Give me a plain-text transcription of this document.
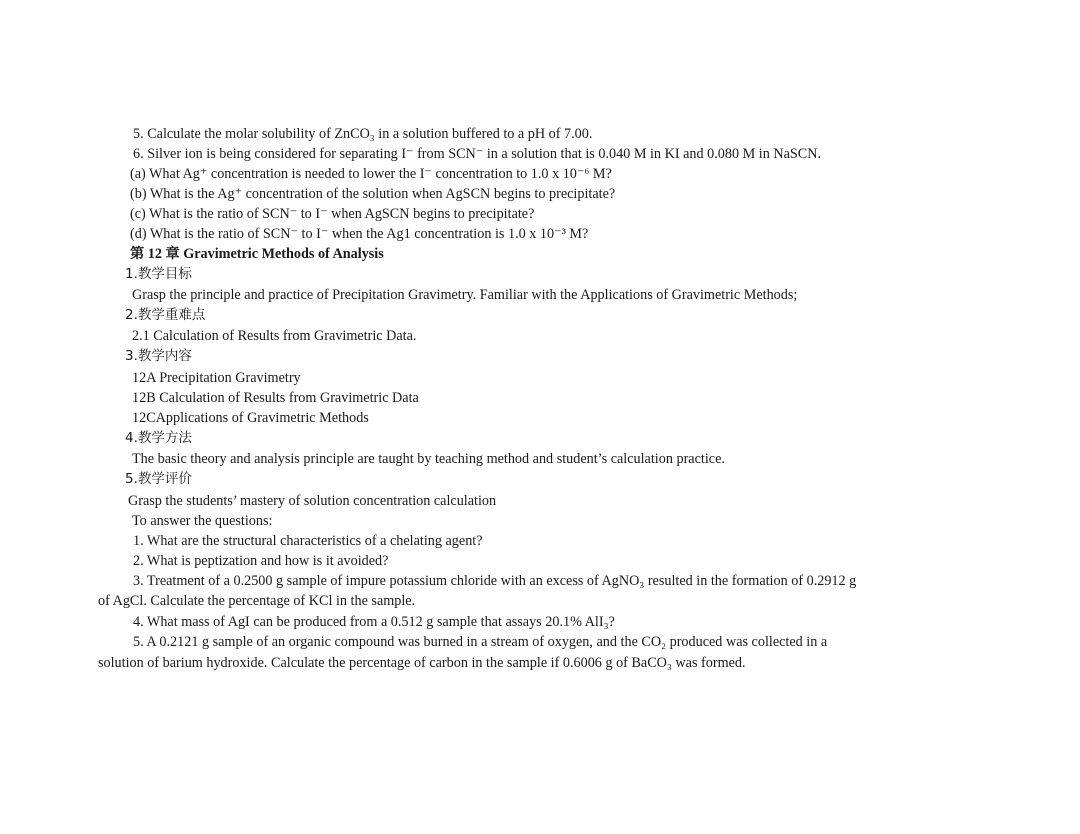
5. Calculate the molar solubility of ZnCO₃ in a solution buffered to a pH of 7.00.
6. Silver ion is being considered for separating I⁻ from SCN⁻ in a solution that is 0.040 M in KI and 0.080 M in NaSCN.
(a) What Ag⁺ concentration is needed to lower the I⁻ concentration to 1.0 x 10⁻⁶ M?
(b) What is the Ag⁺ concentration of the solution when AgSCN begins to precipitate?
(c) What is the ratio of SCN⁻ to I⁻ when AgSCN begins to precipitate?
(d) What is the ratio of SCN⁻ to I⁻ when the Ag1 concentration is 1.0 x 10⁻³ M?
第 12 章 Gravimetric Methods of Analysis
1.教学目标
Grasp the principle and practice of Precipitation Gravimetry. Familiar with the Applications of Gravimetric Methods;
2.教学重难点
2.1 Calculation of Results from Gravimetric Data.
3.教学内容
12A Precipitation Gravimetry
12B Calculation of Results from Gravimetric Data
12CApplications of Gravimetric Methods
4.教学方法
The basic theory and analysis principle are taught by teaching method and student’s calculation practice.
5.教学评价
Grasp the students’ mastery of solution concentration calculation
To answer the questions:
1. What are the structural characteristics of a chelating agent?
2. What is peptization and how is it avoided?
3. Treatment of a 0.2500 g sample of impure potassium chloride with an excess of AgNO₃ resulted in the formation of 0.2912 g
of AgCl. Calculate the percentage of KCl in the sample.
4. What mass of AgI can be produced from a 0.512 g sample that assays 20.1% AlI₃?
5. A 0.2121 g sample of an organic compound was burned in a stream of oxygen, and the CO₂ produced was collected in a
solution of barium hydroxide. Calculate the percentage of carbon in the sample if 0.6006 g of BaCO₃ was formed.
